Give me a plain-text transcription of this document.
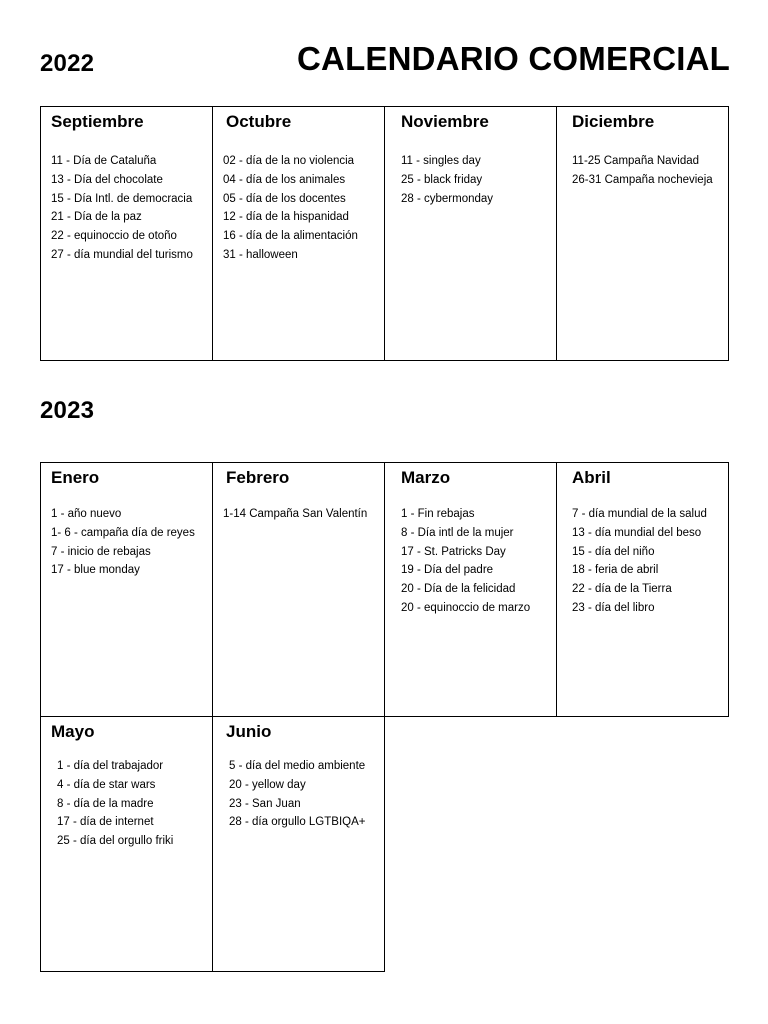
2022	CALENDARIO COMERCIAL
Septiembre
11 - Día de Cataluña
13 - Día del chocolate
15 - Día Intl. de democracia
21 - Día de la paz
22 - equinoccio de otoño
27 - día mundial del turismo
Octubre
02 - día de la no violencia
04 - día de los animales
05 - día de los docentes
12 - día de la hispanidad
16 - día de la alimentación
31 - halloween
Noviembre
11 - singles day
25 - black friday
28 - cybermonday
Diciembre
11-25 Campaña Navidad
26-31 Campaña nochevieja
2023
Enero
1 - año nuevo
1- 6 - campaña día de reyes
7 - inicio de rebajas
17 - blue monday
Febrero
1-14 Campaña San Valentín
Marzo
1 - Fin rebajas
8 - Día intl de la mujer
17 - St. Patricks Day
19 - Día del padre
20 - Día de la felicidad
20 - equinoccio de marzo
Abril
7 - día mundial de la salud
13 - día mundial del beso
15 - día del niño
18 - feria de abril
22 - día de la Tierra
23 - día del libro
Mayo
1 - día del trabajador
4 - día de star wars
8 - día de la madre
17 - día de internet
25 - día del orgullo friki
Junio
5 - día del medio ambiente
20 - yellow day
23 - San Juan
28 - día orgullo LGTBIQA+
